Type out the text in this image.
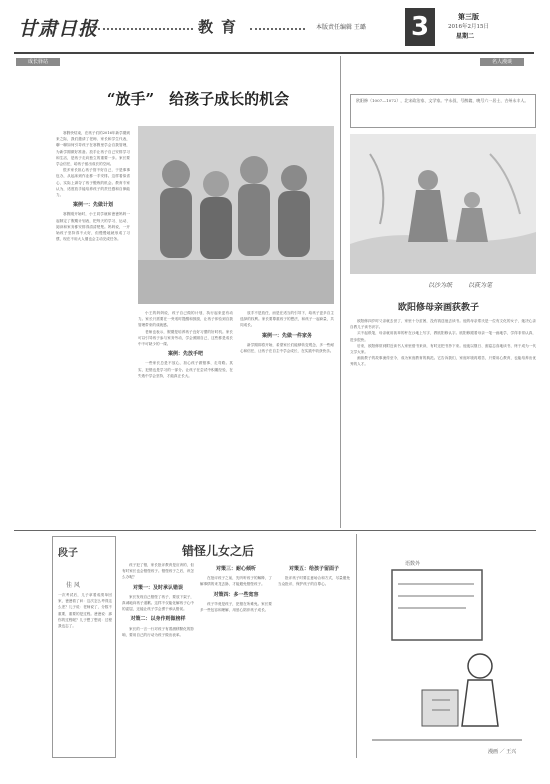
甘肃日报	教育	本版责任编辑 王璐 3	第三版
2016年2月15日
星期二
成长驿站	名人漫谈
“放手”　给孩子成长的机会

寒假快结束，在孩子们的2016年新学期到来之际，我们邀请了老师、家长和学生代表，聊一聊如何引导孩子在寒假里学会自我管理，为新学期做好准备。放手让孩子自己安排学习和生活，是孩子走向独立的重要一步。家长要学会信任，给孩子留出成长的空间。

很多家长担心孩子管不好自己，于是事事包办，从起床到作业都一手安排。这样看似省心，实际上剥夺了孩子锻炼的机会。教育专家认为，适度放手能培养孩子的责任感和自律能力。

案例一：先做计划

寒假刚开始时，小王同学就和爸爸妈妈一起制定了假期计划表，把每天的学习、运动、阅读和家务都安排得清清楚楚。妈妈说，一开始孩子坚持得不太好，但慢慢地就形成了习惯，现在不用大人催也会主动完成任务。

小王的妈妈说，孩子自己做的计划，执行起来更有动力。家长只需要在一旁适时提醒和鼓励，让孩子体验到自我管理带来的成就感。

老师也表示，假期是培养孩子良好习惯的好时机。家长可以引导孩子参与家务劳动，学会照顾自己，这些都是成长中不可缺少的一课。

案例：先放手吧

一些家长总是不放心，担心孩子做错事、走弯路。其实，犯错也是学习的一部分。让孩子在尝试中积累经验，在失败中学会坚持，才能真正长大。

放手不是放任，而是在适当的引导下，给孩子更多自主选择的权利。家长要尊重孩子的想法，和孩子一起商量，共同成长。

案例一：先做一件家务

新学期即将开始，希望家长们能够转变观念，多一些耐心和信任，让孩子在自主中学会成长，在实践中收获快乐。

欧阳修（1007—1072），北宋政治家、文学家。字永叔，号醉翁，晚号六一居士，吉州永丰人。
以沙为纸	以荻为笔
欧阳修母亲画荻教子

欧阳修四岁时父亲就去世了，家里十分贫困，没有钱送他去读书。他的母亲郑氏是一位有文化的女子，她决心亲自教儿子读书识字。

买不起纸笔，母亲就用荻草的秆在沙地上写字，教欧阳修认字。欧阳修跟着母亲一笔一画地学，学得非常认真，进步很快。

后来，欧阳修常到附近读书人家里借书来读，有时还把书抄下来。他夜以继日、废寝忘食地读书，终于成为一代文学大家。

画荻教子的故事流传至今，成为家庭教育的典范。它告诉我们，家庭环境再艰苦，只要用心教育，也能培养出优秀的人才。

段子
佳 风
一次考试后，儿子拿着成绩单回家，爸爸看了问：这次怎么考得这么差？儿子说：老师说了，分数不重要，重要的是过程。爸爸说：那你的过程呢？儿子想了想说：过程我也忘了。
错怪儿女之后

孩子犯了错，家长批评教育是应该的，但有时家长也会错怪孩子。错怪孩子之后，该怎么办呢？

对策一：及时承认错误

家长发现自己错怪了孩子，要放下架子，真诚地向孩子道歉。这样不仅能化解孩子心中的委屈，还能让孩子学会勇于承认错误。

对策二：以身作则做榜样

家长的一言一行对孩子有着潜移默化的影响，要用自己的行动为孩子做出表率。

对策三：耐心倾听

在批评孩子之前，先听听孩子的解释，了解事情的来龙去脉，才能避免错怪孩子。

对策四：多一些宽容

孩子毕竟是孩子，犯错在所难免。家长要多一些包容和理解，用爱心陪伴孩子成长。

对策五：给孩子留面子

批评孩子时要注意场合和方式，尽量避免当众批评，保护孩子的自尊心。

语数外
漫画 ／ 王兴
